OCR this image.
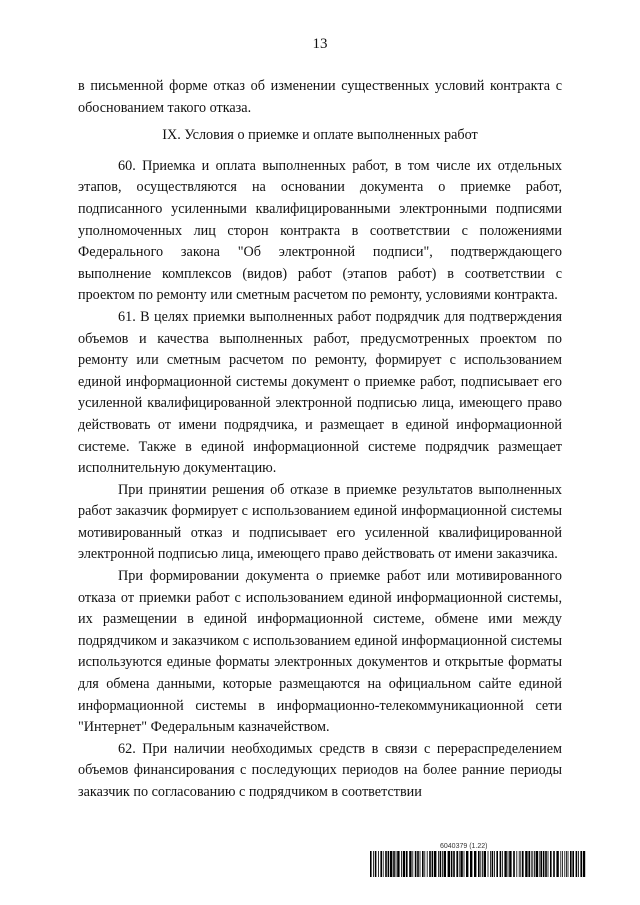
13

в письменной форме отказ об изменении существенных условий контракта с обоснованием такого отказа.

IX. Условия о приемке и оплате выполненных работ

60. Приемка и оплата выполненных работ, в том числе их отдельных этапов, осуществляются на основании документа о приемке работ, подписанного усиленными квалифицированными электронными подписями уполномоченных лиц сторон контракта в соответствии с положениями Федерального закона "Об электронной подписи", подтверждающего выполнение комплексов (видов) работ (этапов работ) в соответствии с проектом по ремонту или сметным расчетом по ремонту, условиями контракта.

61. В целях приемки выполненных работ подрядчик для подтверждения объемов и качества выполненных работ, предусмотренных проектом по ремонту или сметным расчетом по ремонту, формирует с использованием единой информационной системы документ о приемке работ, подписывает его усиленной квалифицированной электронной подписью лица, имеющего право действовать от имени подрядчика, и размещает в единой информационной системе. Также в единой информационной системе подрядчик размещает исполнительную документацию.

При принятии решения об отказе в приемке результатов выполненных работ заказчик формирует с использованием единой информационной системы мотивированный отказ и подписывает его усиленной квалифицированной электронной подписью лица, имеющего право действовать от имени заказчика.

При формировании документа о приемке работ или мотивированного отказа от приемки работ с использованием единой информационной системы, их размещении в единой информационной системе, обмене ими между подрядчиком и заказчиком с использованием единой информационной системы используются единые форматы электронных документов и открытые форматы для обмена данными, которые размещаются на официальном сайте единой информационной системы в информационно-телекоммуникационной сети "Интернет" Федеральным казначейством.

62. При наличии необходимых средств в связи с перераспределением объемов финансирования с последующих периодов на более ранние периоды заказчик по согласованию с подрядчиком в соответствии

6040379 (1.22)
